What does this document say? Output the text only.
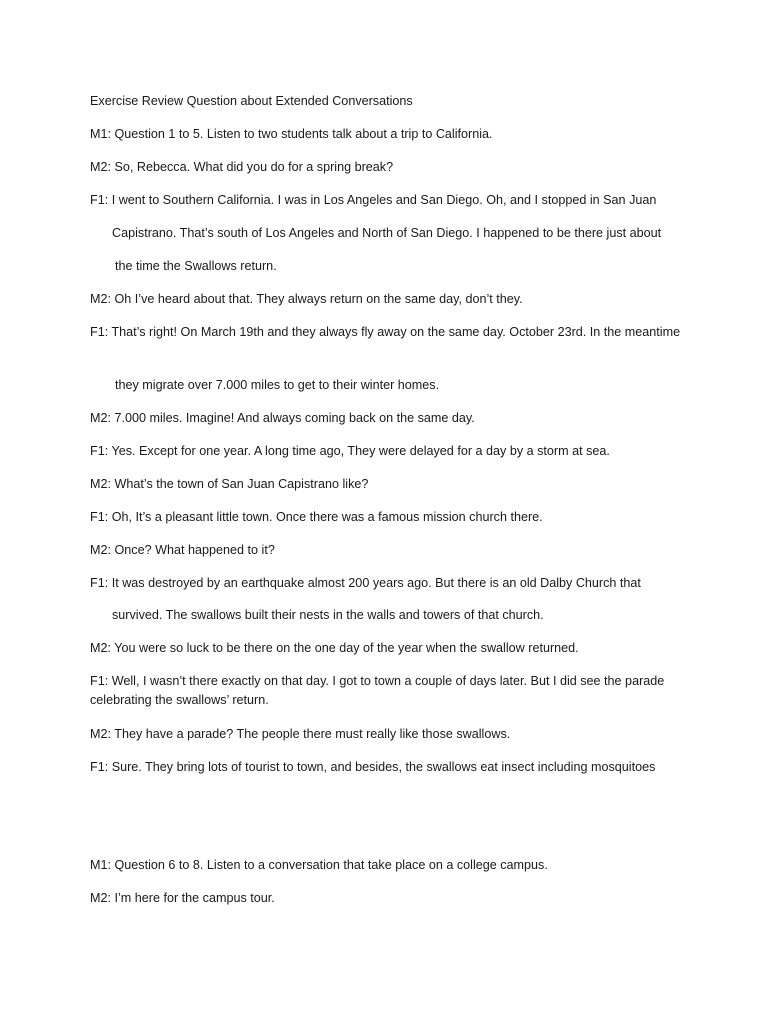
Exercise Review Question about Extended Conversations

M1: Question 1 to 5. Listen to two students talk about a trip to California.

M2: So, Rebecca. What did you do for a spring break?

F1: I went to Southern California. I was in Los Angeles and San Diego. Oh, and I stopped in San Juan

Capistrano. That’s south of Los Angeles and North of San Diego. I happened to be there just about

the time the Swallows return.

M2: Oh I’ve heard about that. They always return on the same day, don’t they.

F1: That’s right! On March 19th and they always fly away on the same day. October 23rd. In the meantime

they migrate over 7.000 miles to get to their winter homes.

M2: 7.000 miles. Imagine! And always coming back on the same day.

F1: Yes. Except for one year. A long time ago, They were delayed for a day by a storm at sea.

M2: What’s the town of San Juan Capistrano like?

F1: Oh, It’s a pleasant little town. Once there was a famous mission church there.

M2: Once? What happened to it?

F1: It was destroyed by an earthquake almost 200 years ago. But there is an old Dalby Church that

survived. The swallows built their nests in the walls and towers of that church.

M2: You were so luck to be there on the one day of the year when the swallow returned.

F1: Well, I wasn’t there exactly on that day. I got to town a couple of days later. But I did see the parade celebrating the swallows’ return.

M2: They have a parade? The people there must really like those swallows.

F1: Sure. They bring lots of tourist to town, and besides, the swallows eat insect including mosquitoes

M1: Question 6 to 8. Listen to a conversation that take place on a college campus.

M2: I’m here for the campus tour.
